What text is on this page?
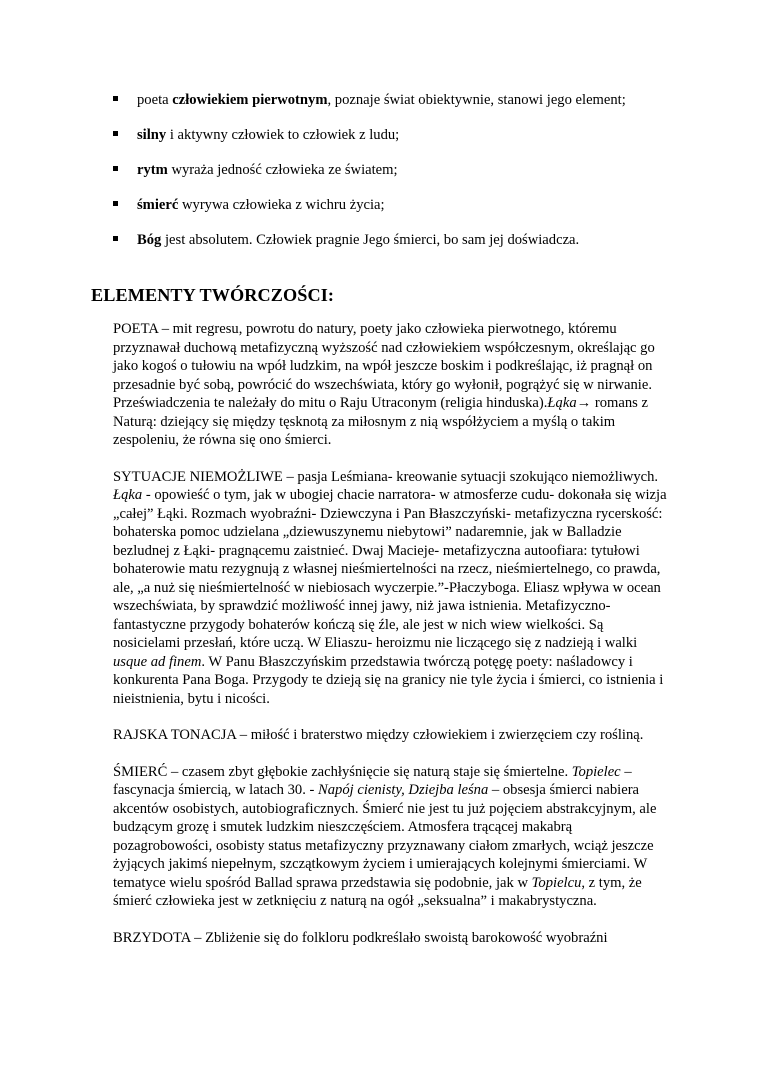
poeta człowiekiem pierwotnym, poznaje świat obiektywnie, stanowi jego element;
silny i aktywny człowiek to człowiek z ludu;
rytm wyraża jedność człowieka ze światem;
śmierć wyrywa człowieka z wichru życia;
Bóg jest absolutem. Człowiek pragnie Jego śmierci, bo sam jej doświadcza.
ELEMENTY TWÓRCZOŚCI:

POETA – mit regresu, powrotu do natury, poety jako człowieka pierwotnego, któremu przyznawał duchową metafizyczną wyższość nad człowiekiem współczesnym, określając go jako kogoś o tułowiu na wpół ludzkim, na wpół jeszcze boskim i podkreślając, iż pragnął on przesadnie być sobą, powrócić do wszechświata, który go wyłonił, pogrążyć się w nirwanie. Przeświadczenia te należały do mitu o Raju Utraconym (religia hinduska).Łąka→ romans z Naturą: dziejący się między tęsknotą za miłosnym z nią współżyciem a myślą o takim zespoleniu, że równa się ono śmierci.

SYTUACJE NIEMOŻLIWE – pasja Leśmiana- kreowanie sytuacji szokująco niemożliwych. Łąka - opowieść o tym, jak w ubogiej chacie narratora- w atmosferze cudu- dokonała się wizja „całej” Łąki. Rozmach wyobraźni- Dziewczyna i Pan Błaszczyński- metafizyczna rycerskość: bohaterska pomoc udzielana „dziewuszynemu niebytowi” nadaremnie, jak w Balladzie bezludnej z Łąki- pragnącemu zaistnieć. Dwaj Macieje- metafizyczna autoofiara: tytułowi bohaterowie matu rezygnują z własnej nieśmiertelności na rzecz, nieśmiertelnego, co prawda, ale, „a nuż się nieśmiertelność w niebiosach wyczerpie.”-Płaczyboga. Eliasz wpływa w ocean wszechświata, by sprawdzić możliwość innej jawy, niż jawa istnienia. Metafizyczno- fantastyczne przygody bohaterów kończą się źle, ale jest w nich wiew wielkości. Są nosicielami przesłań, które uczą. W Eliaszu- heroizmu nie liczącego się z nadzieją i walki usque ad finem. W Panu Błaszczyńskim przedstawia twórczą potęgę poety: naśladowcy i konkurenta Pana Boga. Przygody te dzieją się na granicy nie tyle życia i śmierci, co istnienia i nieistnienia, bytu i nicości.

RAJSKA TONACJA – miłość i braterstwo między człowiekiem i zwierzęciem czy rośliną.

ŚMIERĆ – czasem zbyt głębokie zachłyśnięcie się naturą staje się śmiertelne. Topielec – fascynacja śmiercią, w latach 30. - Napój cienisty, Dziejba leśna – obsesja śmierci nabiera akcentów osobistych, autobiograficznych. Śmierć nie jest tu już pojęciem abstrakcyjnym, ale budzącym grozę i smutek ludzkim nieszczęściem. Atmosfera trącącej makabrą pozagrobowości, osobisty status metafizyczny przyznawany ciałom zmarłych, wciąż jeszcze żyjących jakimś niepełnym, szczątkowym życiem i umierających kolejnymi śmierciami. W tematyce wielu spośród Ballad sprawa przedstawia się podobnie, jak w Topielcu, z tym, że śmierć człowieka jest w zetknięciu z naturą na ogół „seksualna” i makabrystyczna.

BRZYDOTA – Zbliżenie się do folkloru podkreślało swoistą barokowość wyobraźni
